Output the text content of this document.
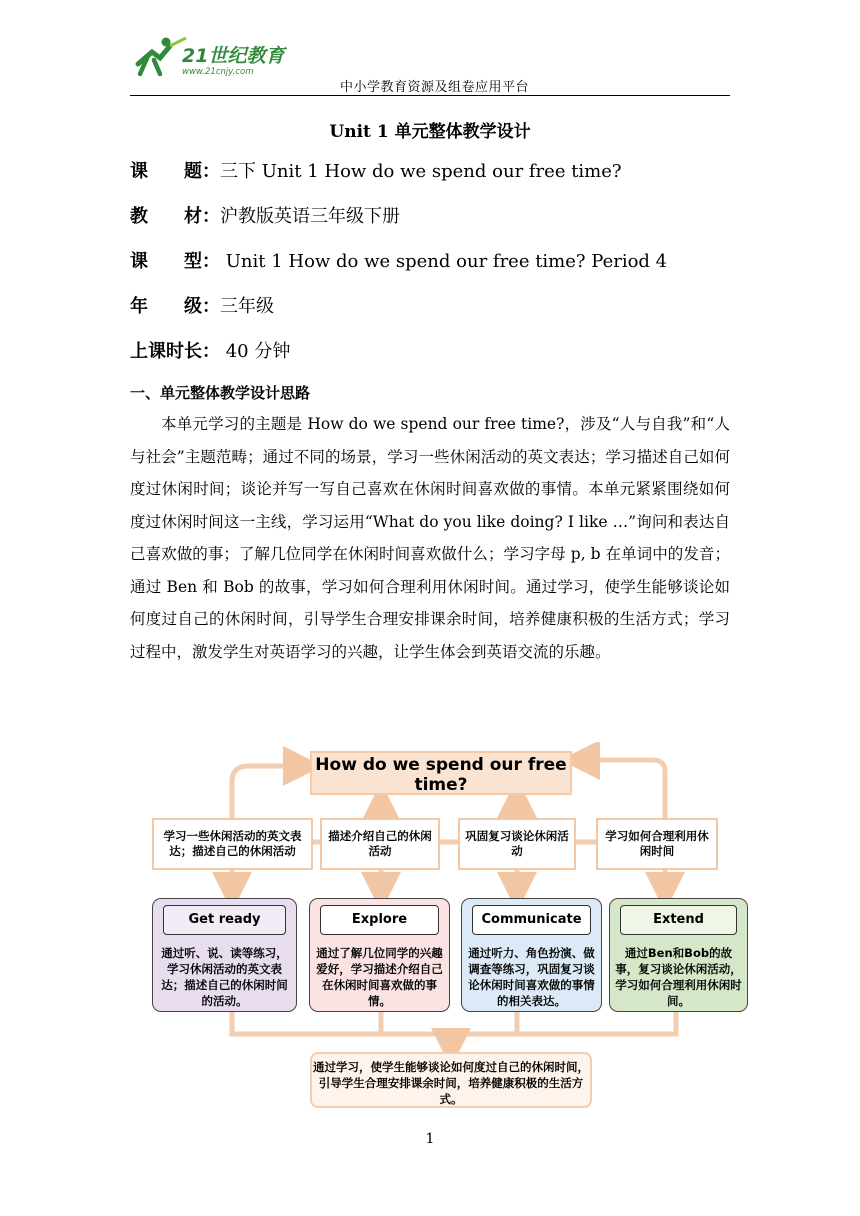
21世纪教育
www.21cnjy.com
中小学教育资源及组卷应用平台
Unit 1 单元整体教学设计
课　　题：三下 Unit 1 How do we spend our free time?
教　　材：沪教版英语三年级下册
课　　型： Unit 1 How do we spend our free time? Period 4
年　　级：三年级
上课时长： 40 分钟
一、单元整体教学设计思路

本单元学习的主题是 How do we spend our free time?，涉及“人与自我”和“人与社会”主题范畴；通过不同的场景，学习一些休闲活动的英文表达；学习描述自己如何度过休闲时间；谈论并写一写自己喜欢在休闲时间喜欢做的事情。本单元紧紧围绕如何度过休闲时间这一主线，学习运用“What do you like doing? I like …”询问和表达自己喜欢做的事；了解几位同学在休闲时间喜欢做什么；学习字母 p, b 在单词中的发音；通过 Ben 和 Bob 的故事，学习如何合理利用休闲时间。通过学习，使学生能够谈论如何度过自己的休闲时间，引导学生合理安排课余时间，培养健康积极的生活方式；学习过程中，激发学生对英语学习的兴趣，让学生体会到英语交流的乐趣。

How do we spend our free time?
学习一些休闲活动的英文表达；描述自己的休闲活动
描述介绍自己的休闲活动
巩固复习谈论休闲活动
学习如何合理利用休闲时间
Get ready
通过听、说、读等练习，学习休闲活动的英文表达；描述自己的休闲时间的活动。
Explore
通过了解几位同学的兴趣爱好，学习描述介绍自己在休闲时间喜欢做的事情。
Communicate
通过听力、角色扮演、做调查等练习，巩固复习谈论休闲时间喜欢做的事情的相关表达。
Extend
通过Ben和Bob的故事，复习谈论休闲活动，学习如何合理利用休闲时间。
通过学习，使学生能够谈论如何度过自己的休闲时间，引导学生合理安排课余时间，培养健康积极的生活方式。
1
